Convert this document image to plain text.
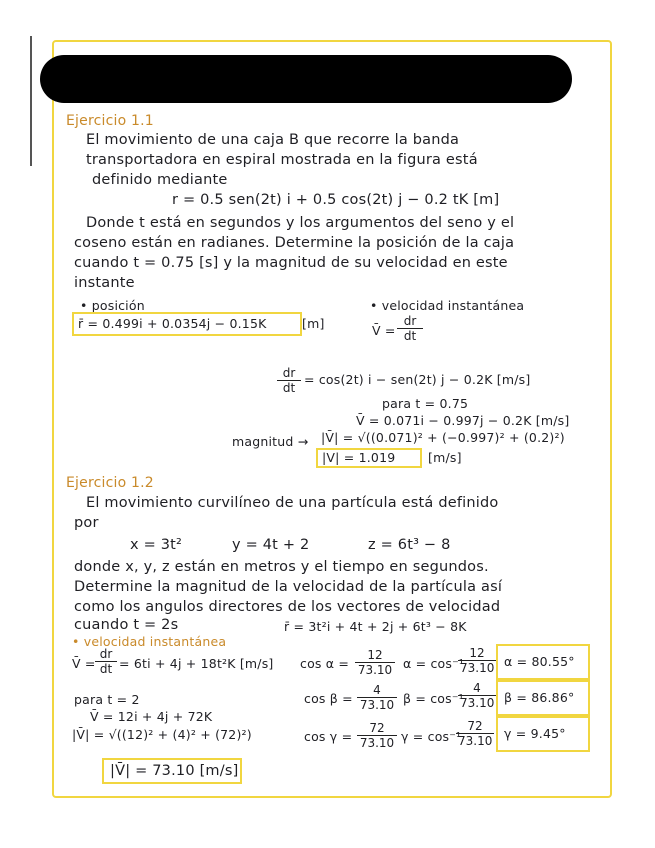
Ejercicio 1.1
El movimiento de una caja B que recorre la banda
transportadora en espiral mostrada en la figura está
definido mediante
r = 0.5 sen(2t) i + 0.5 cos(2t) j − 0.2 tK [m]
Donde t está en segundos y los argumentos del seno y el
coseno están en radianes. Determine la posición de la caja
cuando t = 0.75 [s] y la magnitud de su velocidad en este
instante
• posición
r̄ = 0.499i + 0.0354j − 0.15K	[m]
• velocidad instantánea
V̄ = $\frac{dr}{dt}$
$\frac{dr}{dt} = \cos(2t) i - sen(2t) j - 0.2K$ [m/s]
para t = 0.75
V̄ = 0.071i − 0.997j − 0.2K [m/s]
magnitud → |V̄| = √((0.071)² + (−0.997)² + (0.2)²)
|V| = 1.019	[m/s]
Ejercicio 1.2
El movimiento curvilíneo de una partícula está definido
por
x = 3t²	y = 4t + 2	z = 6t³ − 8
donde x, y, z están en metros y el tiempo en segundos.
Determine la magnitud de la velocidad de la partícula así
como los angulos directores de los vectores de velocidad
cuando t = 2s	r̄ = 3t²i + 4t + 2j + 6t³ − 8K
• velocidad instantánea
V̄ = $\frac{dr}{dt} = 6ti + 4j + 18t^2K$ [m/s] $\cos \alpha = \frac{12}{73.10}$ α = cos⁻¹
$\frac{12}{73.10}$ α = 80.55°
para t = 2	$\cos \beta = \frac{4}{73.10}$ β = cos⁻¹
$\frac{4}{73.10}$ β = 86.86°
V̄ = 12i + 4j + 72K
|V̄| = √((12)² + (4)² + (72)²)	$\cos \gamma = \frac{72}{73.10}$ γ = cos⁻¹
$\frac{72}{73.10}$ γ = 9.45°
|V̄| = 73.10 [m/s]
